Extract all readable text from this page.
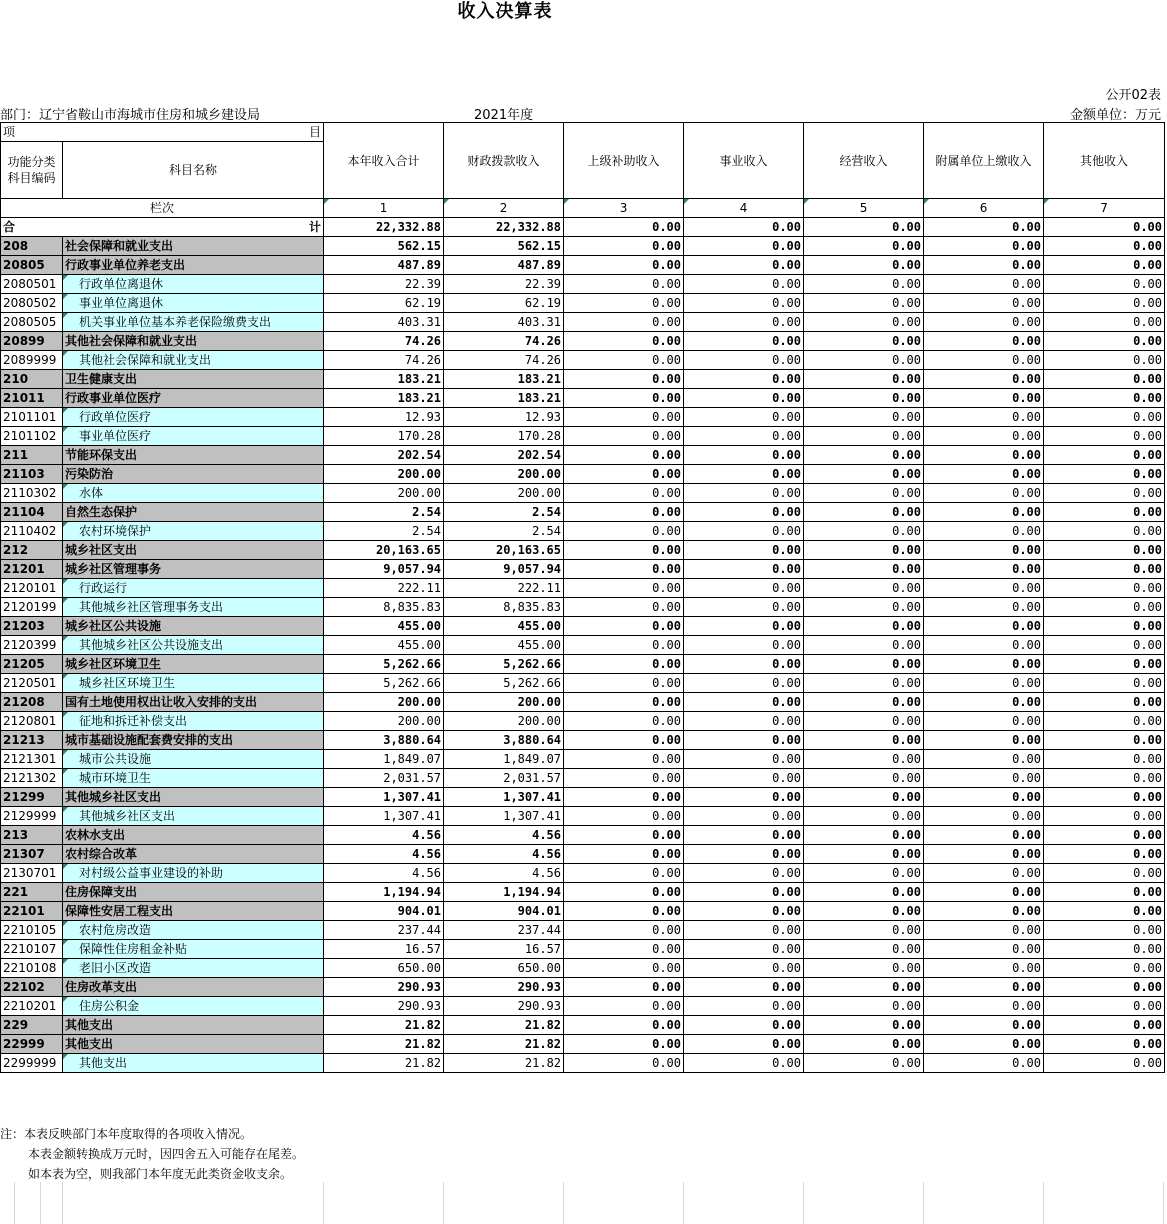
收入决算表
公开02表
部门：辽宁省鞍山市海城市住房和城乡建设局	2021年度	金额单位：万元
项 目		本年收入合计	财政拨款收入	上级补助收入	事业收入	经营收入	附属单位上缴收入	其他收入
功能分类科目编码	科目名称							

栏次		1	2	3	4	5	6	7
合 计		22,332.88	22,332.88	0.00	0.00	0.00	0.00	0.00
208	社会保障和就业支出	562.15	562.15	0.00	0.00	0.00	0.00	0.00
20805	行政事业单位养老支出	487.89	487.89	0.00	0.00	0.00	0.00	0.00
2080501	行政单位离退休	22.39	22.39	0.00	0.00	0.00	0.00	0.00
2080502	事业单位离退休	62.19	62.19	0.00	0.00	0.00	0.00	0.00
2080505	机关事业单位基本养老保险缴费支出	403.31	403.31	0.00	0.00	0.00	0.00	0.00
20899	其他社会保障和就业支出	74.26	74.26	0.00	0.00	0.00	0.00	0.00
2089999	其他社会保障和就业支出	74.26	74.26	0.00	0.00	0.00	0.00	0.00
210	卫生健康支出	183.21	183.21	0.00	0.00	0.00	0.00	0.00
21011	行政事业单位医疗	183.21	183.21	0.00	0.00	0.00	0.00	0.00
2101101	行政单位医疗	12.93	12.93	0.00	0.00	0.00	0.00	0.00
2101102	事业单位医疗	170.28	170.28	0.00	0.00	0.00	0.00	0.00
211	节能环保支出	202.54	202.54	0.00	0.00	0.00	0.00	0.00
21103	污染防治	200.00	200.00	0.00	0.00	0.00	0.00	0.00
2110302	水体	200.00	200.00	0.00	0.00	0.00	0.00	0.00
21104	自然生态保护	2.54	2.54	0.00	0.00	0.00	0.00	0.00
2110402	农村环境保护	2.54	2.54	0.00	0.00	0.00	0.00	0.00
212	城乡社区支出	20,163.65	20,163.65	0.00	0.00	0.00	0.00	0.00
21201	城乡社区管理事务	9,057.94	9,057.94	0.00	0.00	0.00	0.00	0.00
2120101	行政运行	222.11	222.11	0.00	0.00	0.00	0.00	0.00
2120199	其他城乡社区管理事务支出	8,835.83	8,835.83	0.00	0.00	0.00	0.00	0.00
21203	城乡社区公共设施	455.00	455.00	0.00	0.00	0.00	0.00	0.00
2120399	其他城乡社区公共设施支出	455.00	455.00	0.00	0.00	0.00	0.00	0.00
21205	城乡社区环境卫生	5,262.66	5,262.66	0.00	0.00	0.00	0.00	0.00
2120501	城乡社区环境卫生	5,262.66	5,262.66	0.00	0.00	0.00	0.00	0.00
21208	国有土地使用权出让收入安排的支出	200.00	200.00	0.00	0.00	0.00	0.00	0.00
2120801	征地和拆迁补偿支出	200.00	200.00	0.00	0.00	0.00	0.00	0.00
21213	城市基础设施配套费安排的支出	3,880.64	3,880.64	0.00	0.00	0.00	0.00	0.00
2121301	城市公共设施	1,849.07	1,849.07	0.00	0.00	0.00	0.00	0.00
2121302	城市环境卫生	2,031.57	2,031.57	0.00	0.00	0.00	0.00	0.00
21299	其他城乡社区支出	1,307.41	1,307.41	0.00	0.00	0.00	0.00	0.00
2129999	其他城乡社区支出	1,307.41	1,307.41	0.00	0.00	0.00	0.00	0.00
213	农林水支出	4.56	4.56	0.00	0.00	0.00	0.00	0.00
21307	农村综合改革	4.56	4.56	0.00	0.00	0.00	0.00	0.00
2130701	对村级公益事业建设的补助	4.56	4.56	0.00	0.00	0.00	0.00	0.00
221	住房保障支出	1,194.94	1,194.94	0.00	0.00	0.00	0.00	0.00
22101	保障性安居工程支出	904.01	904.01	0.00	0.00	0.00	0.00	0.00
2210105	农村危房改造	237.44	237.44	0.00	0.00	0.00	0.00	0.00
2210107	保障性住房租金补贴	16.57	16.57	0.00	0.00	0.00	0.00	0.00
2210108	老旧小区改造	650.00	650.00	0.00	0.00	0.00	0.00	0.00
22102	住房改革支出	290.93	290.93	0.00	0.00	0.00	0.00	0.00
2210201	住房公积金	290.93	290.93	0.00	0.00	0.00	0.00	0.00
229	其他支出	21.82	21.82	0.00	0.00	0.00	0.00	0.00
22999	其他支出	21.82	21.82	0.00	0.00	0.00	0.00	0.00
2299999	其他支出	21.82	21.82	0.00	0.00	0.00	0.00	0.00
注：本表反映部门本年度取得的各项收入情况。
本表金额转换成万元时，因四舍五入可能存在尾差。
如本表为空，则我部门本年度无此类资金收支余。
